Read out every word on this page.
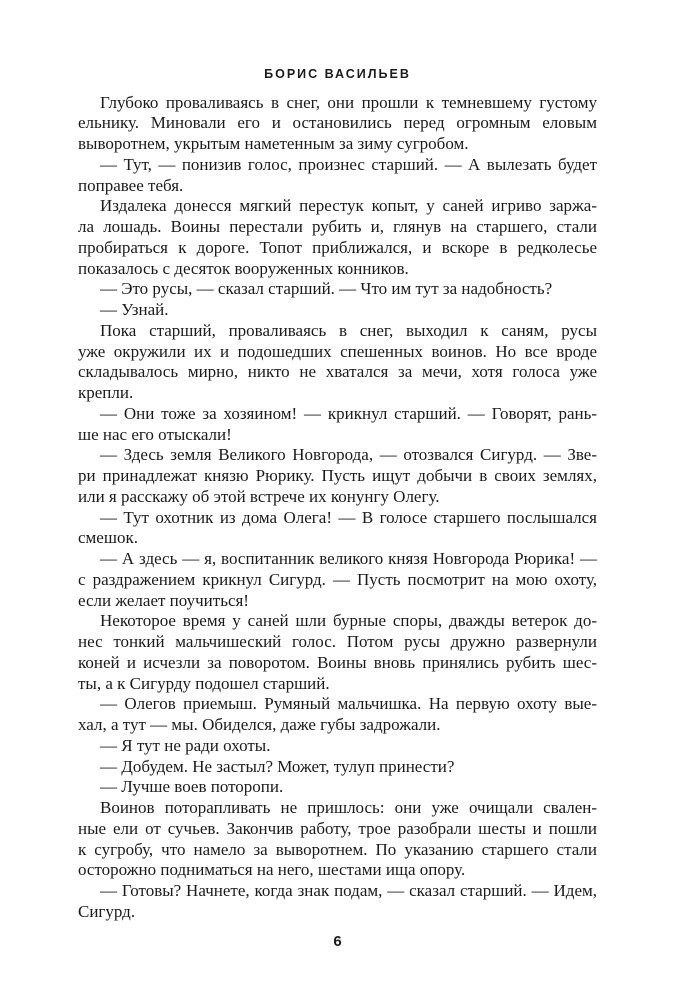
БОРИС ВАСИЛЬЕВ
Глубоко проваливаясь в снег, они прошли к темневшему густому
ельнику. Миновали его и остановились перед огромным еловым
выворотнем, укрытым наметенным за зиму сугробом.
— Тут, — понизив голос, произнес старший. — А вылезать будет
поправее тебя.
Издалека донесся мягкий перестук копыт, у саней игриво заржа-
ла лошадь. Воины перестали рубить и, глянув на старшего, стали
пробираться к дороге. Топот приближался, и вскоре в редколесье
показалось с десяток вооруженных конников.
— Это русы, — сказал старший. — Что им тут за надобность?
— Узнай.
Пока старший, проваливаясь в снег, выходил к саням, русы
уже окружили их и подошедших спешенных воинов. Но все вроде
складывалось мирно, никто не хватался за мечи, хотя голоса уже
крепли.
— Они тоже за хозяином! — крикнул старший. — Говорят, рань-
ше нас его отыскали!
— Здесь земля Великого Новгорода, — отозвался Сигурд. — Зве-
ри принадлежат князю Рюрику. Пусть ищут добычи в своих землях,
или я расскажу об этой встрече их конунгу Олегу.
— Тут охотник из дома Олега! — В голосе старшего послышался
смешок.
— А здесь — я, воспитанник великого князя Новгорода Рюрика! —
с раздражением крикнул Сигурд. — Пусть посмотрит на мою охоту,
если желает поучиться!
Некоторое время у саней шли бурные споры, дважды ветерок до-
нес тонкий мальчишеский голос. Потом русы дружно развернули
коней и исчезли за поворотом. Воины вновь принялись рубить шес-
ты, а к Сигурду подошел старший.
— Олегов приемыш. Румяный мальчишка. На первую охоту вые-
хал, а тут — мы. Обиделся, даже губы задрожали.
— Я тут не ради охоты.
— Добудем. Не застыл? Может, тулуп принести?
— Лучше воев поторопи.
Воинов поторапливать не пришлось: они уже очищали свален-
ные ели от сучьев. Закончив работу, трое разобрали шесты и пошли
к сугробу, что намело за выворотнем. По указанию старшего стали
осторожно подниматься на него, шестами ища опору.
— Готовы? Начнете, когда знак подам, — сказал старший. — Идем,
Сигурд.
6
